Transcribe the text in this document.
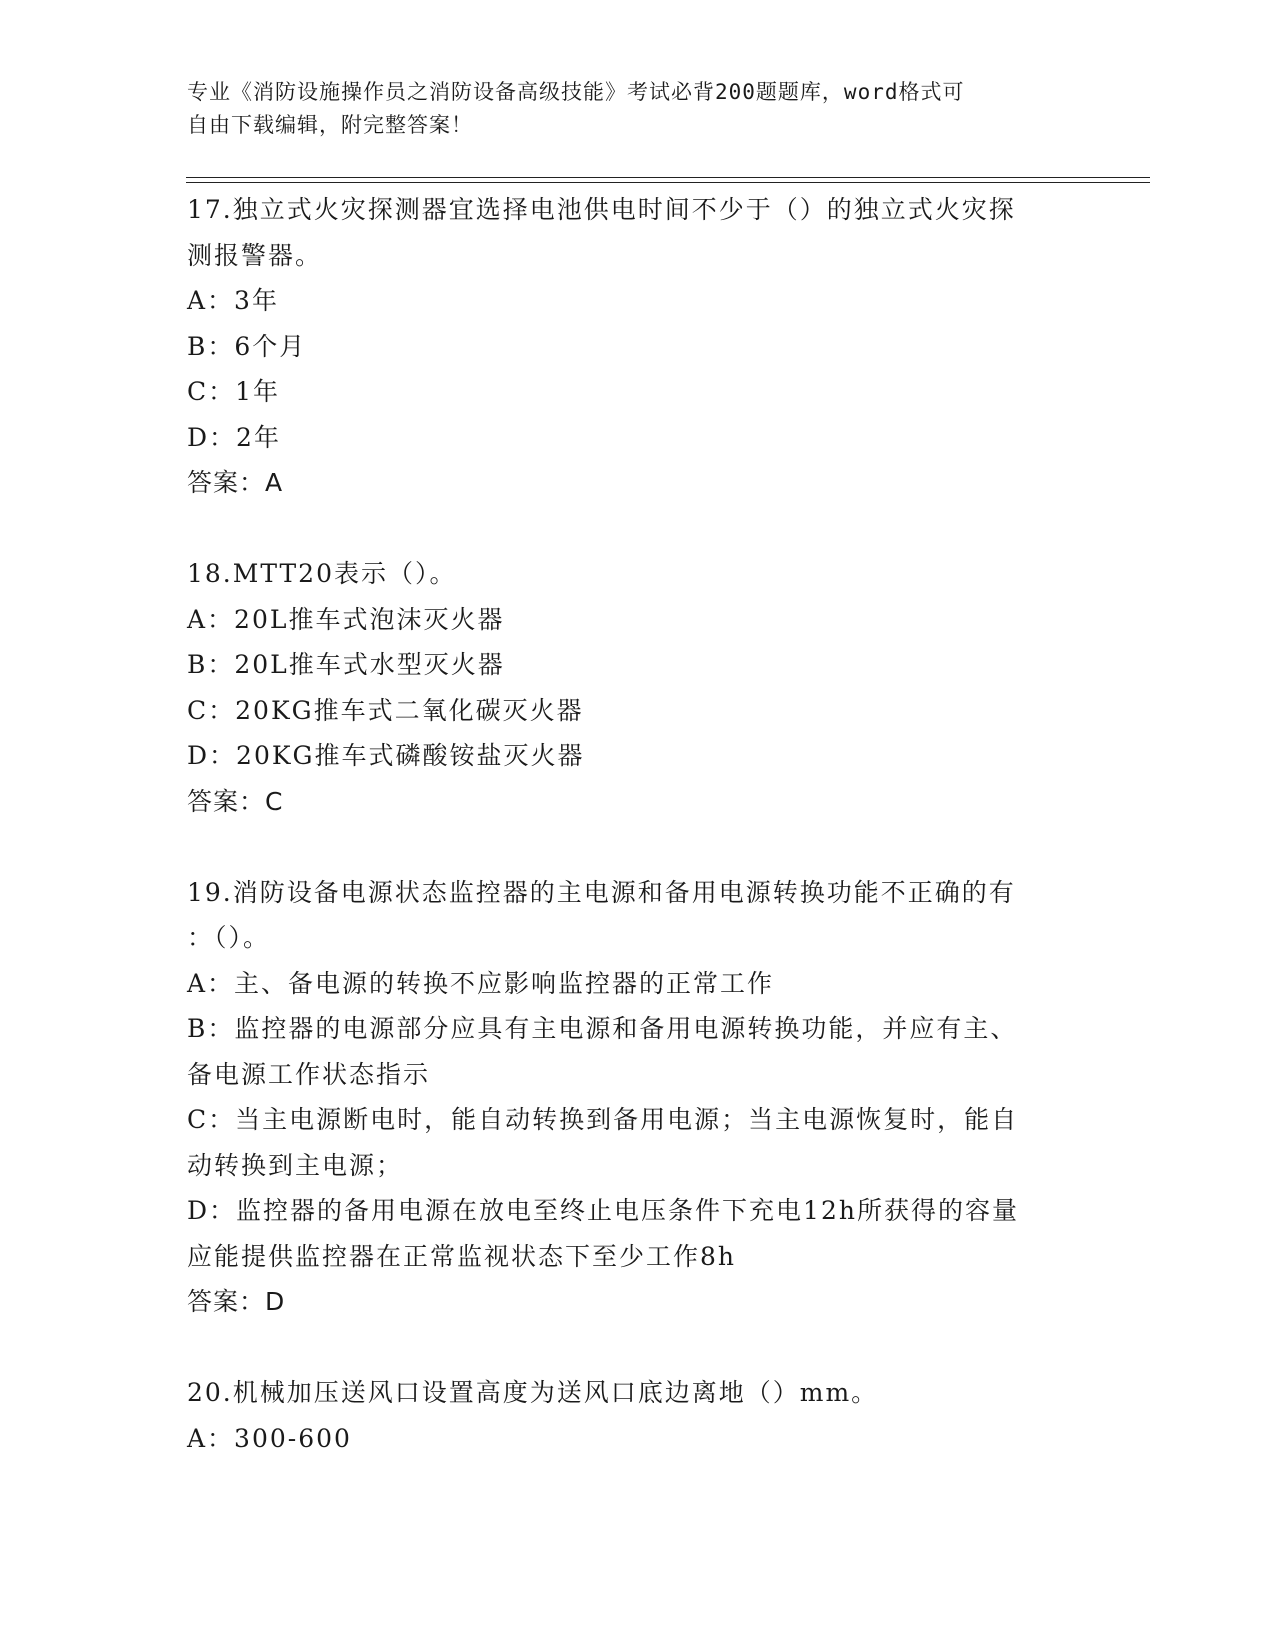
专业《消防设施操作员之消防设备高级技能》考试必背200题题库，word格式可
自由下载编辑，附完整答案！
17.独立式火灾探测器宜选择电池供电时间不少于（）的独立式火灾探
测报警器。
A：3年
B：6个月
C：1年
D：2年
答案：A
18.MTT20表示（）。
A：20L推车式泡沫灭火器
B：20L推车式水型灭火器
C：20KG推车式二氧化碳灭火器
D：20KG推车式磷酸铵盐灭火器
答案：C
19.消防设备电源状态监控器的主电源和备用电源转换功能不正确的有
：（）。
A：主、备电源的转换不应影响监控器的正常工作
B：监控器的电源部分应具有主电源和备用电源转换功能，并应有主、
备电源工作状态指示
C：当主电源断电时，能自动转换到备用电源；当主电源恢复时，能自
动转换到主电源；
D：监控器的备用电源在放电至终止电压条件下充电12h所获得的容量
应能提供监控器在正常监视状态下至少工作8h
答案：D
20.机械加压送风口设置高度为送风口底边离地（）mm。
A：300-600
